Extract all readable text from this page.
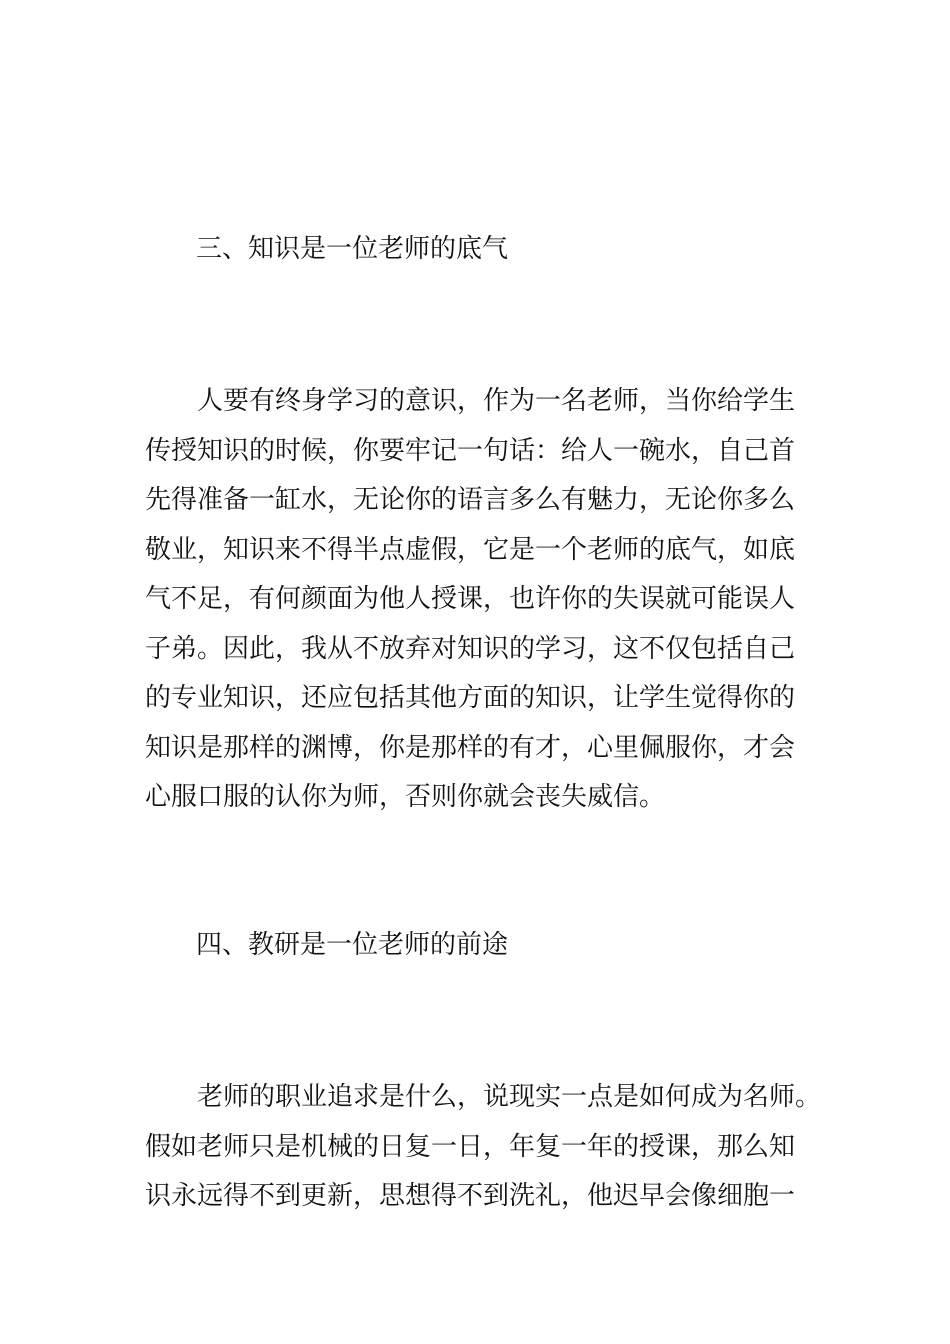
三、知识是一位老师的底气
人要有终身学习的意识，作为一名老师，当你给学生
传授知识的时候，你要牢记一句话：给人一碗水，自己首
先得准备一缸水，无论你的语言多么有魅力，无论你多么
敬业，知识来不得半点虚假，它是一个老师的底气，如底
气不足，有何颜面为他人授课，也许你的失误就可能误人
子弟。因此，我从不放弃对知识的学习，这不仅包括自己
的专业知识，还应包括其他方面的知识，让学生觉得你的
知识是那样的渊博，你是那样的有才，心里佩服你，才会
心服口服的认你为师，否则你就会丧失威信。
四、教研是一位老师的前途
老师的职业追求是什么，说现实一点是如何成为名师。
假如老师只是机械的日复一日，年复一年的授课，那么知
识永远得不到更新，思想得不到洗礼，他迟早会像细胞一
